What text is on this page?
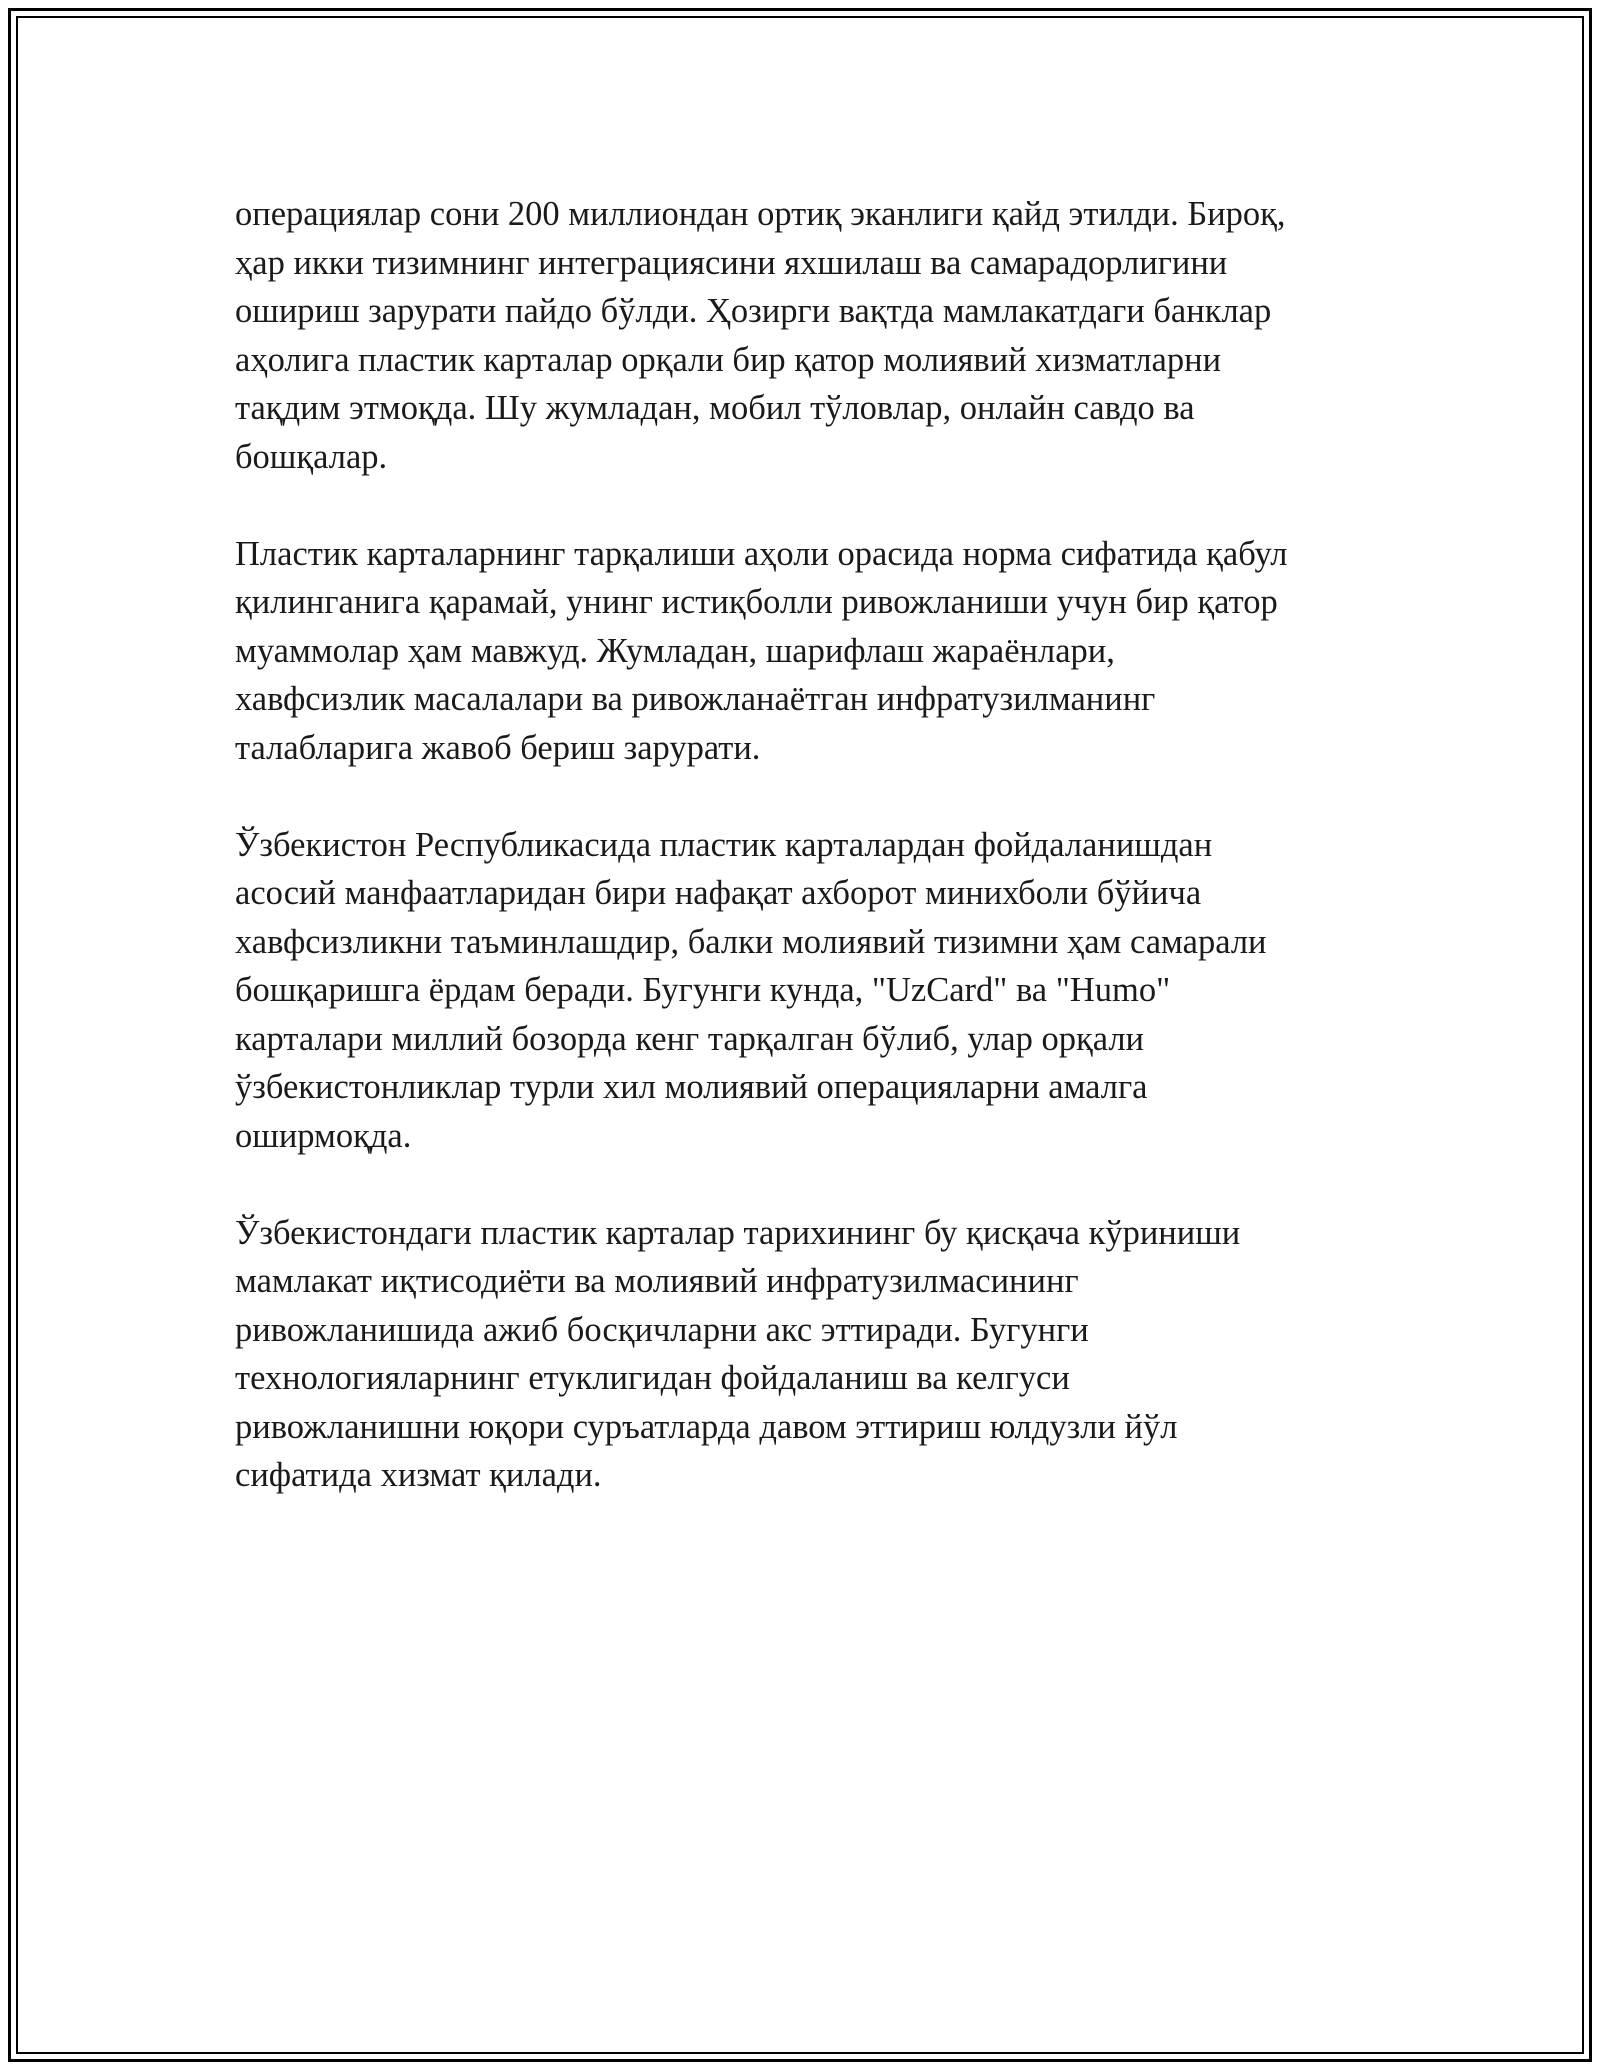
операциялар сони 200 миллиондан ортиқ эканлиги қайд этилди. Бироқ,
ҳар икки тизимнинг интеграциясини яхшилаш ва самарадорлигини
ошириш зарурати пайдо бўлди. Ҳозирги вақтда мамлакатдаги банклар
аҳолига пластик карталар орқали бир қатор молиявий хизматларни
тақдим этмоқда. Шу жумладан, мобил тўловлар, онлайн савдо ва
бошқалар.

Пластик карталарнинг тарқалиши аҳоли орасида норма сифатида қабул
қилинганига қарамай, унинг истиқболли ривожланиши учун бир қатор
муаммолар ҳам мавжуд. Жумладан, шарифлаш жараёнлари,
хавфсизлик масалалари ва ривожланаётган инфратузилманинг
талабларига жавоб бериш зарурати.

Ўзбекистон Республикасида пластик карталардан фойдаланишдан
асосий манфаатларидан бири нафақат ахборот минихболи бўйича
хавфсизликни таъминлашдир, балки молиявий тизимни ҳам самарали
бошқаришга ёрдам беради. Бугунги кунда, "UzCard" ва "Humo"
карталари миллий бозорда кенг тарқалган бўлиб, улар орқали
ўзбекистонликлар турли хил молиявий операцияларни амалга
оширмоқда.

Ўзбекистондаги пластик карталар тарихининг бу қисқача кўриниши
мамлакат иқтисодиёти ва молиявий инфратузилмасининг
ривожланишида ажиб босқичларни акс эттиради. Бугунги
технологияларнинг етуклигидан фойдаланиш ва келгуси
ривожланишни юқори суръатларда давом эттириш юлдузли йўл
сифатида хизмат қилади.
